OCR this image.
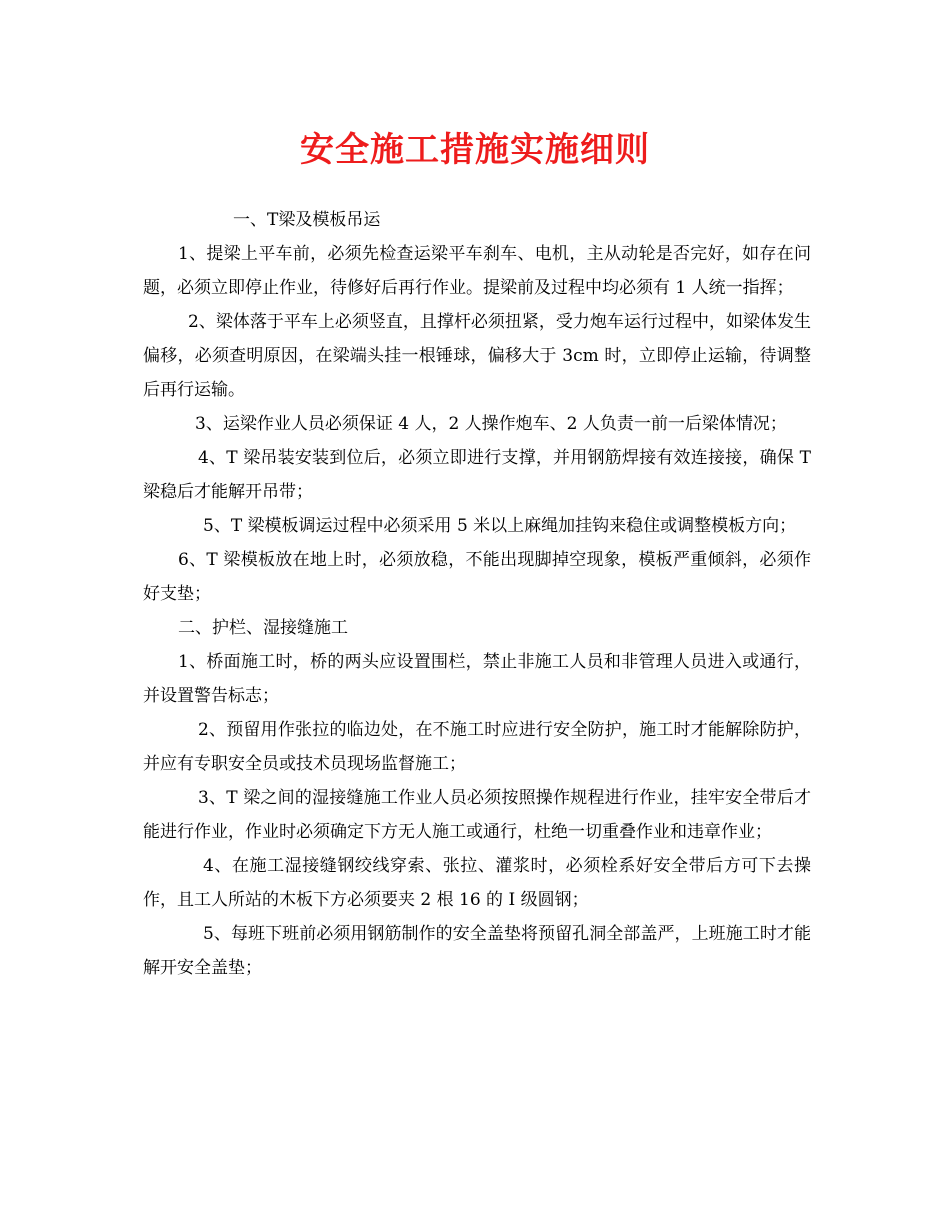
安全施工措施实施细则

一、T梁及模板吊运

1、提梁上平车前，必须先检查运梁平车刹车、电机，主从动轮是否完好，如存在问题，必须立即停止作业，待修好后再行作业。提梁前及过程中均必须有 1 人统一指挥；

2、梁体落于平车上必须竖直，且撑杆必须扭紧，受力炮车运行过程中，如梁体发生偏移，必须查明原因，在梁端头挂一根锤球，偏移大于 3cm 时，立即停止运输，待调整后再行运输。

3、运梁作业人员必须保证 4 人，2 人操作炮车、2 人负责一前一后梁体情况；

4、T 梁吊装安装到位后，必须立即进行支撑，并用钢筋焊接有效连接接，确保 T 梁稳后才能解开吊带；

5、T 梁模板调运过程中必须采用 5 米以上麻绳加挂钩来稳住或调整模板方向；

6、T 梁模板放在地上时，必须放稳，不能出现脚掉空现象，模板严重倾斜，必须作好支垫；

二、护栏、湿接缝施工

1、桥面施工时，桥的两头应设置围栏，禁止非施工人员和非管理人员进入或通行，并设置警告标志；

2、预留用作张拉的临边处，在不施工时应进行安全防护，施工时才能解除防护，并应有专职安全员或技术员现场监督施工；

3、T 梁之间的湿接缝施工作业人员必须按照操作规程进行作业，挂牢安全带后才能进行作业，作业时必须确定下方无人施工或通行，杜绝一切重叠作业和违章作业；

4、在施工湿接缝钢绞线穿索、张拉、灌浆时，必须栓系好安全带后方可下去操作，且工人所站的木板下方必须要夹 2 根 16 的 I 级圆钢；

5、每班下班前必须用钢筋制作的安全盖垫将预留孔洞全部盖严，上班施工时才能解开安全盖垫；
